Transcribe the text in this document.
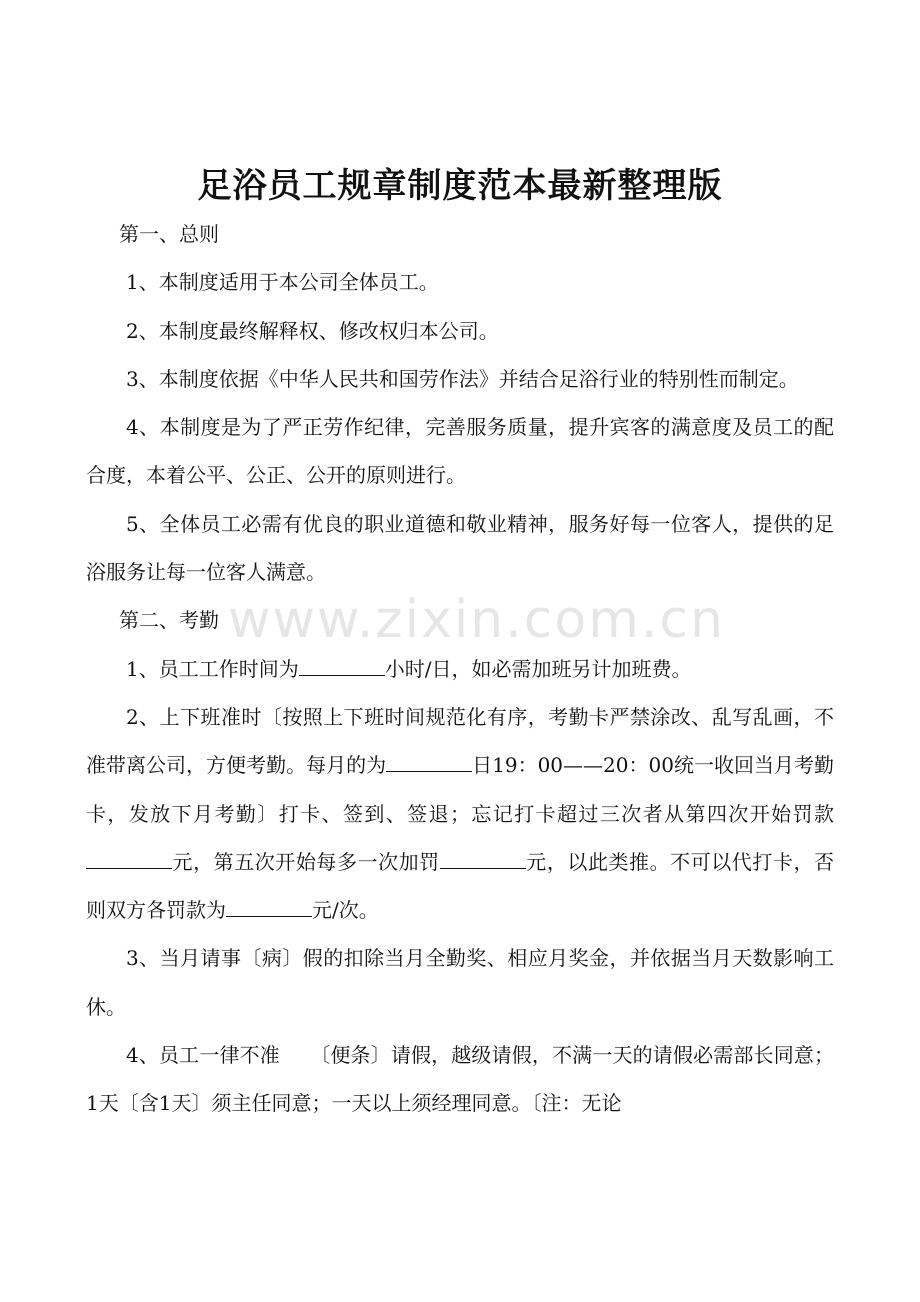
足浴员工规章制度范本最新整理版

第一、总则

1、本制度适用于本公司全体员工。

2、本制度最终解释权、修改权归本公司。

3、本制度依据《中华人民共和国劳作法》并结合足浴行业的特别性而制定。

4、本制度是为了严正劳作纪律，完善服务质量，提升宾客的满意度及员工的配合度，本着公平、公正、公开的原则进行。

5、全体员工必需有优良的职业道德和敬业精神，服务好每一位客人，提供的足浴服务让每一位客人满意。

第二、考勤

1、员工工作时间为	小时/日，如必需加班另计加班费。

2、上下班准时〔按照上下班时间规范化有序，考勤卡严禁涂改、乱写乱画，不准带离公司，方便考勤。每月的为	日19：00——20：00统一收回当月考勤卡，发放下月考勤〕打卡、签到、签退；忘记打卡超过三次者从第四次开始罚款元，第五次开始每多一次加罚	元，以此类推。不可以代打卡，否则双方各罚款为	元/次。

3、当月请事〔病〕假的扣除当月全勤奖、相应月奖金，并依据当月天数影响工休。

4、员工一律不准　　〔便条〕请假，越级请假，不满一天的请假必需部长同意；1天〔含1天〕须主任同意；一天以上须经理同意。〔注：无论

www.zixin.com.cn
